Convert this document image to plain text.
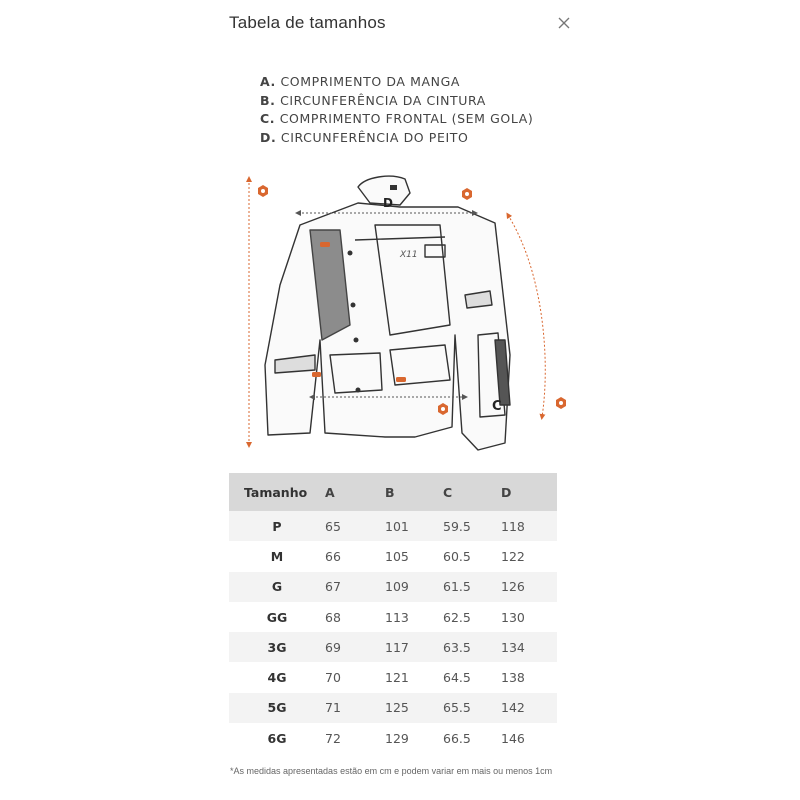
Tabela de tamanhos
A. COMPRIMENTO DA MANGA
B. CIRCUNFERÊNCIA DA CINTURA
C. COMPRIMENTO FRONTAL (SEM GOLA)
D. CIRCUNFERÊNCIA DO PEITO
X11
D
C
Tamanho	A	B	C	D
P	65	101	59.5	118
M	66	105	60.5	122
G	67	109	61.5	126
GG	68	113	62.5	130
3G	69	117	63.5	134
4G	70	121	64.5	138
5G	71	125	65.5	142
6G	72	129	66.5	146
*As medidas apresentadas estão em cm e podem variar em mais ou menos 1cm
